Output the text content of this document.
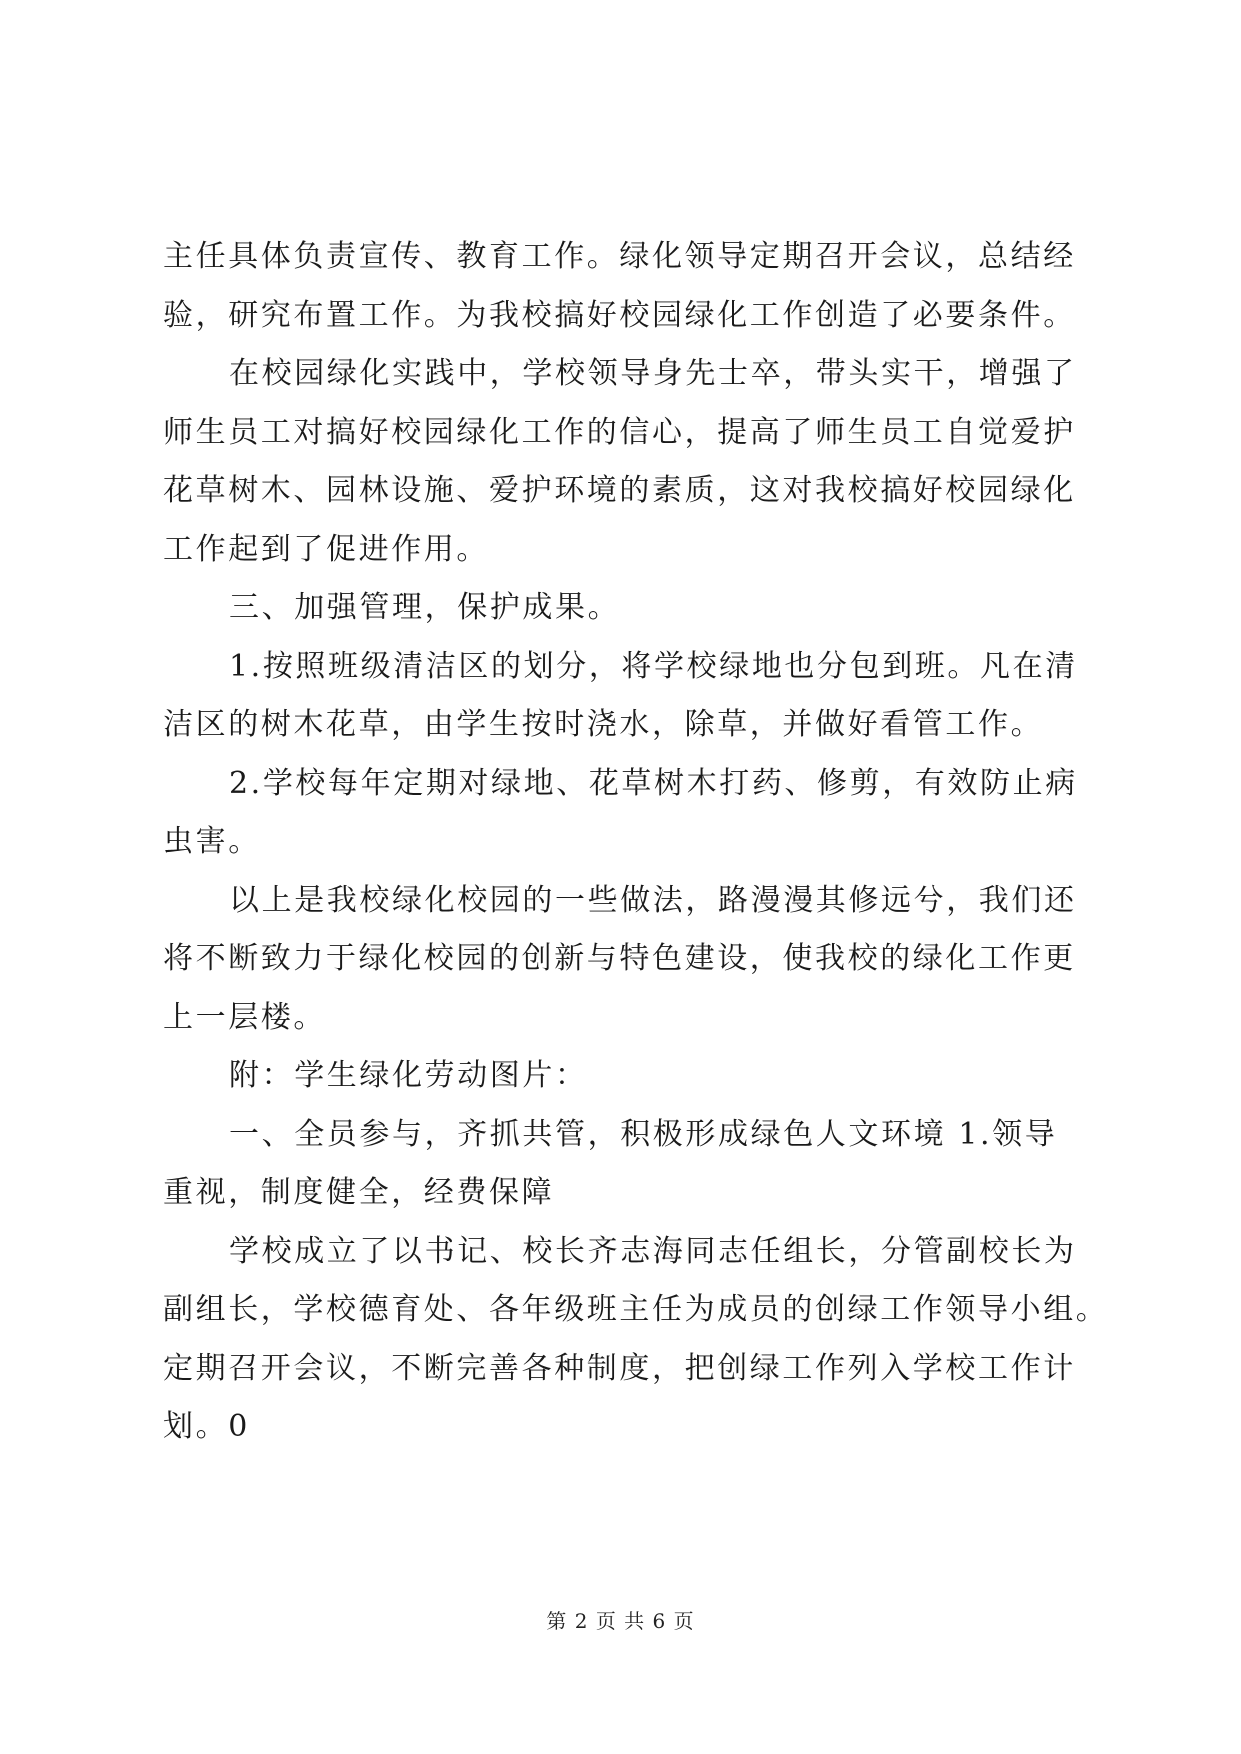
主任具体负责宣传、教育工作。绿化领导定期召开会议，总结经
验，研究布置工作。为我校搞好校园绿化工作创造了必要条件。
在校园绿化实践中，学校领导身先士卒，带头实干，增强了
师生员工对搞好校园绿化工作的信心，提高了师生员工自觉爱护
花草树木、园林设施、爱护环境的素质，这对我校搞好校园绿化
工作起到了促进作用。
三、加强管理，保护成果。
1.按照班级清洁区的划分，将学校绿地也分包到班。凡在清
洁区的树木花草，由学生按时浇水，除草，并做好看管工作。
2.学校每年定期对绿地、花草树木打药、修剪，有效防止病
虫害。
以上是我校绿化校园的一些做法，路漫漫其修远兮，我们还
将不断致力于绿化校园的创新与特色建设，使我校的绿化工作更
上一层楼。
附：学生绿化劳动图片：
一、全员参与，齐抓共管，积极形成绿色人文环境 1.领导
重视，制度健全，经费保障
学校成立了以书记、校长齐志海同志任组长，分管副校长为
副组长，学校德育处、各年级班主任为成员的创绿工作领导小组。
定期召开会议，不断完善各种制度，把创绿工作列入学校工作计
划。0
第 2 页 共 6 页
